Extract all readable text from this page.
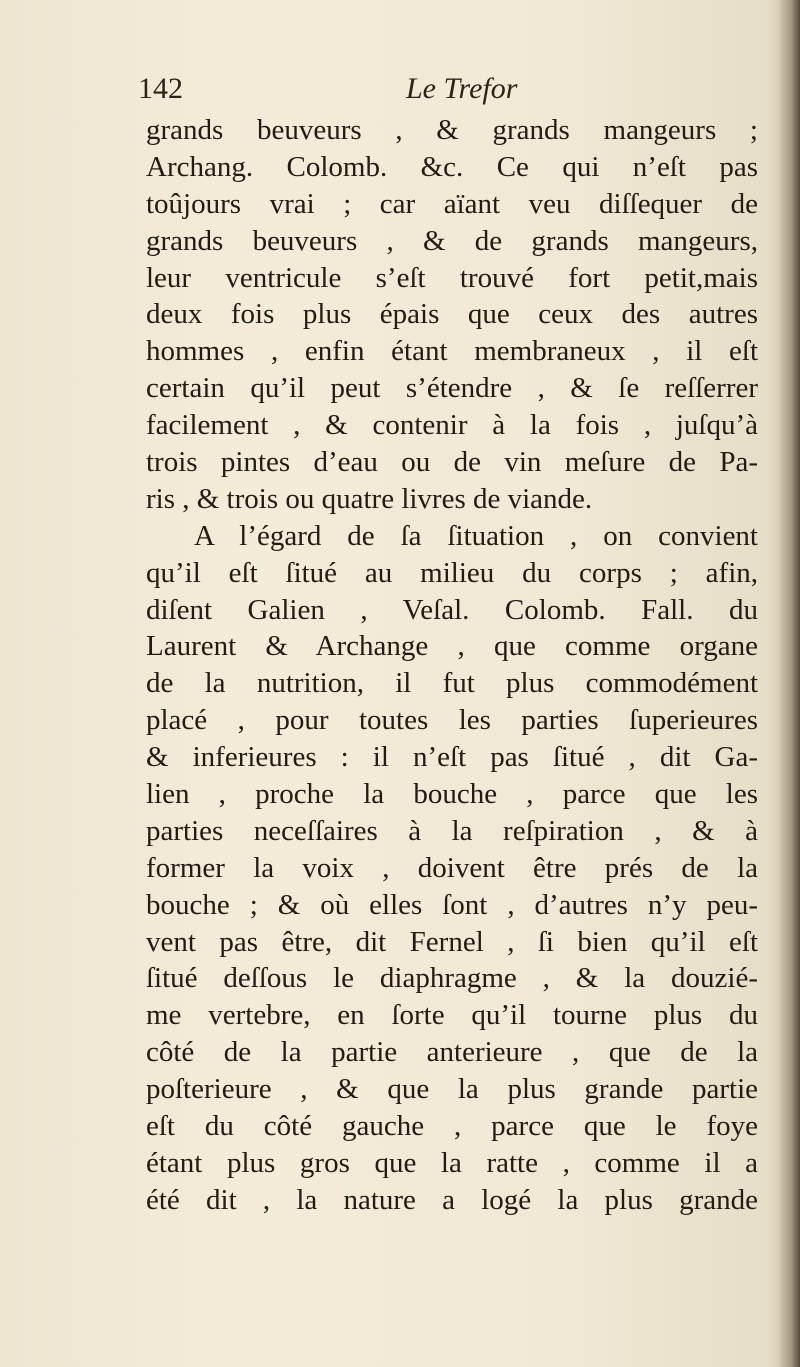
142	Le Trefor
grands beuveurs , & grands mangeurs ;
Archang. Colomb. &c. Ce qui n’eſt pas
toûjours vrai ; car aïant veu diſſequer de
grands beuveurs , & de grands mangeurs,
leur ventricule s’eſt trouvé fort petit,mais
deux fois plus épais que ceux des autres
hommes , enfin étant membraneux , il eſt
certain qu’il peut s’étendre , & ſe reſſerrer
facilement , & contenir à la fois , juſqu’à
trois pintes d’eau ou de vin meſure de Pa-
ris , & trois ou quatre livres de viande.
A l’égard de ſa ſituation , on convient
qu’il eſt ſitué au milieu du corps ; afin,
diſent Galien , Veſal. Colomb. Fall. du
Laurent & Archange , que comme organe
de la nutrition, il fut plus commodément
placé , pour toutes les parties ſuperieures
& inferieures : il n’eſt pas ſitué , dit Ga-
lien , proche la bouche , parce que les
parties neceſſaires à la reſpiration , & à
former la voix , doivent être prés de la
bouche ; & où elles ſont , d’autres n’y peu-
vent pas être, dit Fernel , ſi bien qu’il eſt
ſitué deſſous le diaphragme , & la douzié-
me vertebre, en ſorte qu’il tourne plus du
côté de la partie anterieure , que de la
poſterieure , & que la plus grande partie
eſt du côté gauche , parce que le foye
étant plus gros que la ratte , comme il a
été dit , la nature a logé la plus grande
